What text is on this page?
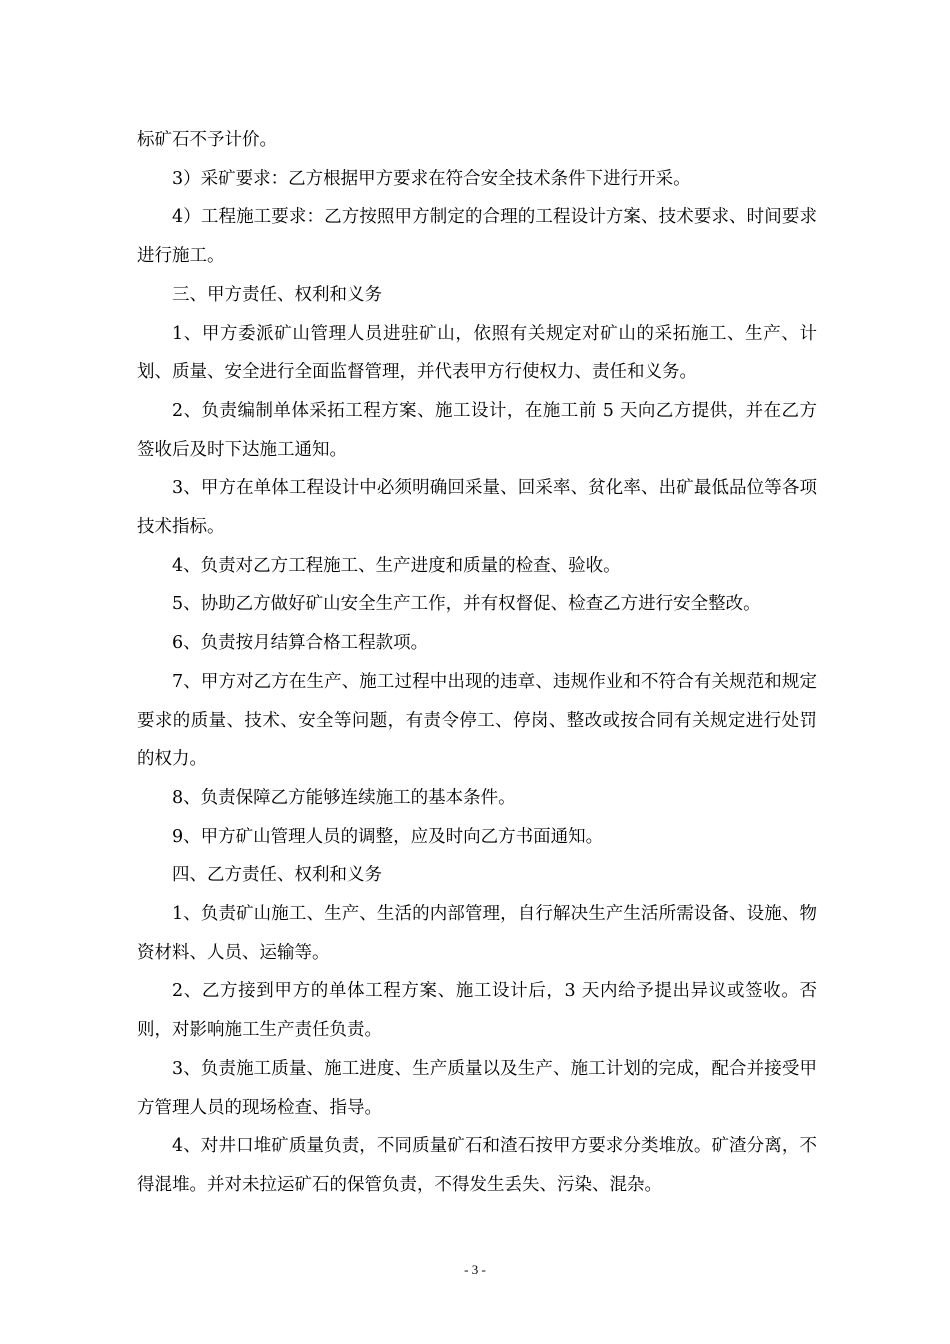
标矿石不予计价。

3）采矿要求：乙方根据甲方要求在符合安全技术条件下进行开采。

4）工程施工要求：乙方按照甲方制定的合理的工程设计方案、技术要求、时间要求进行施工。

三、甲方责任、权利和义务

1、甲方委派矿山管理人员进驻矿山，依照有关规定对矿山的采拓施工、生产、计划、质量、安全进行全面监督管理，并代表甲方行使权力、责任和义务。

2、负责编制单体采拓工程方案、施工设计，在施工前 5 天向乙方提供，并在乙方签收后及时下达施工通知。

3、甲方在单体工程设计中必须明确回采量、回采率、贫化率、出矿最低品位等各项技术指标。

4、负责对乙方工程施工、生产进度和质量的检查、验收。

5、协助乙方做好矿山安全生产工作，并有权督促、检查乙方进行安全整改。

6、负责按月结算合格工程款项。

7、甲方对乙方在生产、施工过程中出现的违章、违规作业和不符合有关规范和规定要求的质量、技术、安全等问题，有责令停工、停岗、整改或按合同有关规定进行处罚的权力。

8、负责保障乙方能够连续施工的基本条件。

9、甲方矿山管理人员的调整，应及时向乙方书面通知。

四、乙方责任、权利和义务

1、负责矿山施工、生产、生活的内部管理，自行解决生产生活所需设备、设施、物资材料、人员、运输等。

2、乙方接到甲方的单体工程方案、施工设计后，3 天内给予提出异议或签收。否则，对影响施工生产责任负责。

3、负责施工质量、施工进度、生产质量以及生产、施工计划的完成，配合并接受甲方管理人员的现场检查、指导。

4、对井口堆矿质量负责，不同质量矿石和渣石按甲方要求分类堆放。矿渣分离，不得混堆。并对未拉运矿石的保管负责，不得发生丢失、污染、混杂。

- 3 -
